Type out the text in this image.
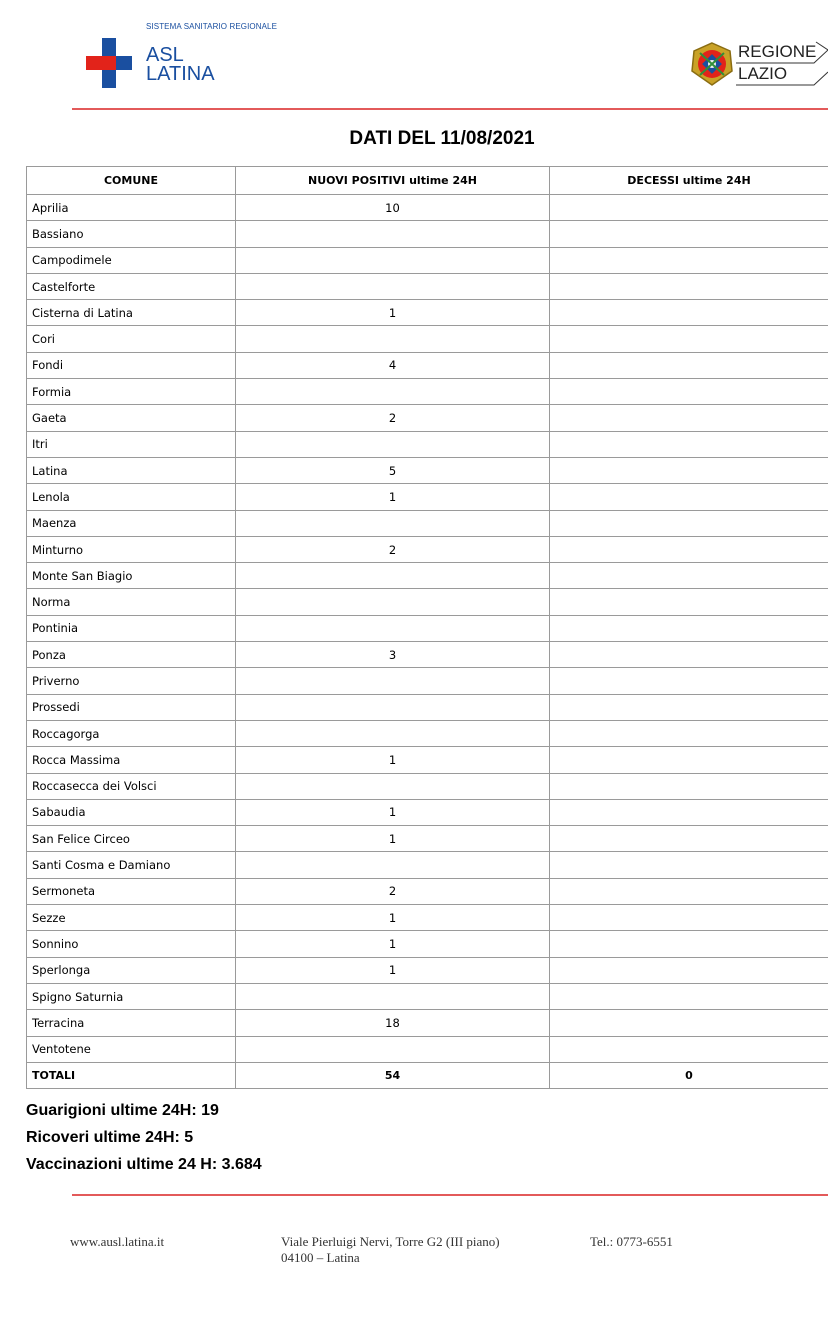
SISTEMA SANITARIO REGIONALE
ASL
LATINA
REGIONE
LAZIO
DATI DEL 11/08/2021
COMUNE	NUOVI POSITIVI ultime 24H	DECESSI ultime 24H
Aprilia	10	
Bassiano		
Campodimele		
Castelforte		
Cisterna di Latina	1	
Cori		
Fondi	4	
Formia		
Gaeta	2	
Itri		
Latina	5	
Lenola	1	
Maenza		
Minturno	2	
Monte San Biagio		
Norma		
Pontinia		
Ponza	3	
Priverno		
Prossedi		
Roccagorga		
Rocca Massima	1	
Roccasecca dei Volsci		
Sabaudia	1	
San Felice Circeo	1	
Santi Cosma e Damiano		
Sermoneta	2	
Sezze	1	
Sonnino	1	
Sperlonga	1	
Spigno Saturnia		
Terracina	18	
Ventotene		
TOTALI	54	0
Guarigioni ultime 24H: 19
Ricoveri ultime 24H: 5
Vaccinazioni ultime 24 H: 3.684
www.ausl.latina.it	Viale Pierluigi Nervi, Torre G2 (III piano)
04100 – Latina
Tel.: 0773-6551
